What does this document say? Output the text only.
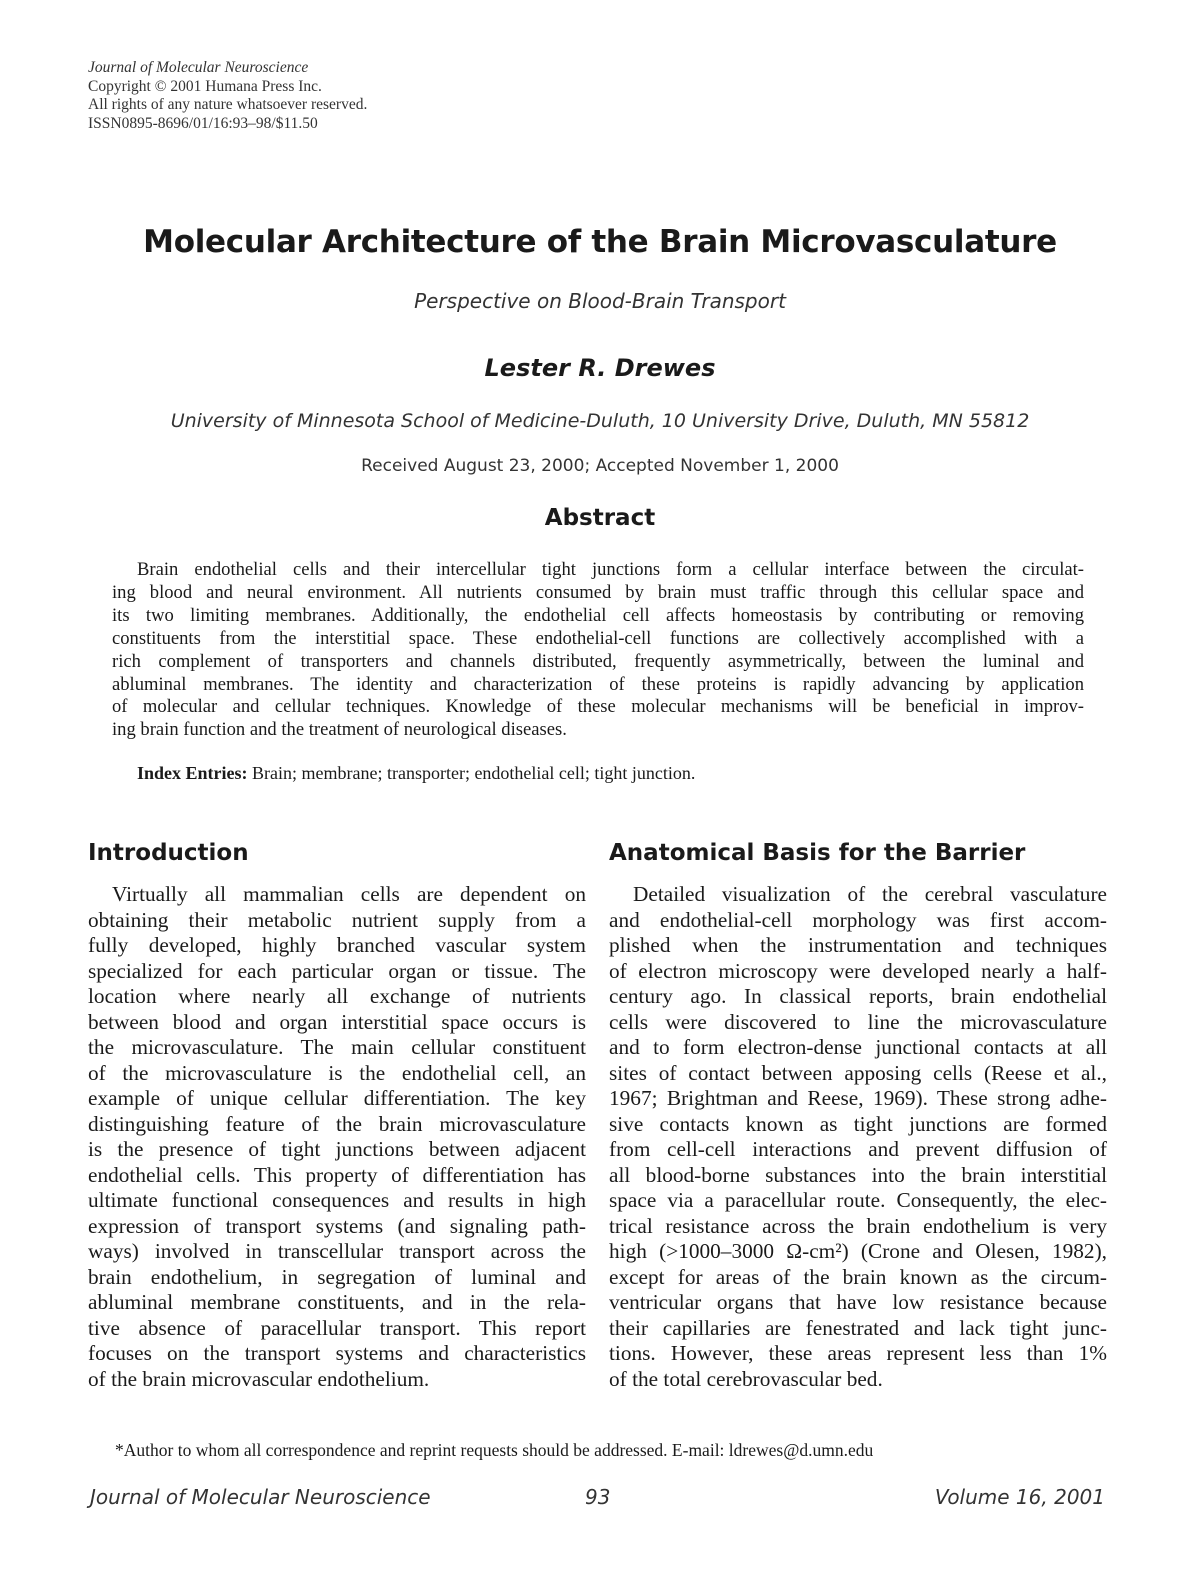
Journal of Molecular Neuroscience
Copyright © 2001 Humana Press Inc.
All rights of any nature whatsoever reserved.
ISSN0895-8696/01/16:93–98/$11.50
Molecular Architecture of the Brain Microvasculature
Perspective on Blood-Brain Transport
Lester R. Drewes
University of Minnesota School of Medicine-Duluth, 10 University Drive, Duluth, MN 55812
Received August 23, 2000; Accepted November 1, 2000
Abstract
Brain endothelial cells and their intercellular tight junctions form a cellular interface between the circulat-
ing blood and neural environment. All nutrients consumed by brain must traffic through this cellular space and
its two limiting membranes. Additionally, the endothelial cell affects homeostasis by contributing or removing
constituents from the interstitial space. These endothelial-cell functions are collectively accomplished with a
rich complement of transporters and channels distributed, frequently asymmetrically, between the luminal and
abluminal membranes. The identity and characterization of these proteins is rapidly advancing by application
of molecular and cellular techniques. Knowledge of these molecular mechanisms will be beneficial in improv-
ing brain function and the treatment of neurological diseases.
Index Entries: Brain; membrane; transporter; endothelial cell; tight junction.
Introduction
Virtually all mammalian cells are dependent on
obtaining their metabolic nutrient supply from a
fully developed, highly branched vascular system
specialized for each particular organ or tissue. The
location where nearly all exchange of nutrients
between blood and organ interstitial space occurs is
the microvasculature. The main cellular constituent
of the microvasculature is the endothelial cell, an
example of unique cellular differentiation. The key
distinguishing feature of the brain microvasculature
is the presence of tight junctions between adjacent
endothelial cells. This property of differentiation has
ultimate functional consequences and results in high
expression of transport systems (and signaling path-
ways) involved in transcellular transport across the
brain endothelium, in segregation of luminal and
abluminal membrane constituents, and in the rela-
tive absence of paracellular transport. This report
focuses on the transport systems and characteristics
of the brain microvascular endothelium.
Anatomical Basis for the Barrier
Detailed visualization of the cerebral vasculature
and endothelial-cell morphology was first accom-
plished when the instrumentation and techniques
of electron microscopy were developed nearly a half-
century ago. In classical reports, brain endothelial
cells were discovered to line the microvasculature
and to form electron-dense junctional contacts at all
sites of contact between apposing cells (Reese et al.,
1967; Brightman and Reese, 1969). These strong adhe-
sive contacts known as tight junctions are formed
from cell-cell interactions and prevent diffusion of
all blood-borne substances into the brain interstitial
space via a paracellular route. Consequently, the elec-
trical resistance across the brain endothelium is very
high (>1000–3000 Ω-cm²) (Crone and Olesen, 1982),
except for areas of the brain known as the circum-
ventricular organs that have low resistance because
their capillaries are fenestrated and lack tight junc-
tions. However, these areas represent less than 1%
of the total cerebrovascular bed.
*Author to whom all correspondence and reprint requests should be addressed. E-mail: ldrewes@d.umn.edu
Journal of Molecular Neuroscience	93	Volume 16, 2001
